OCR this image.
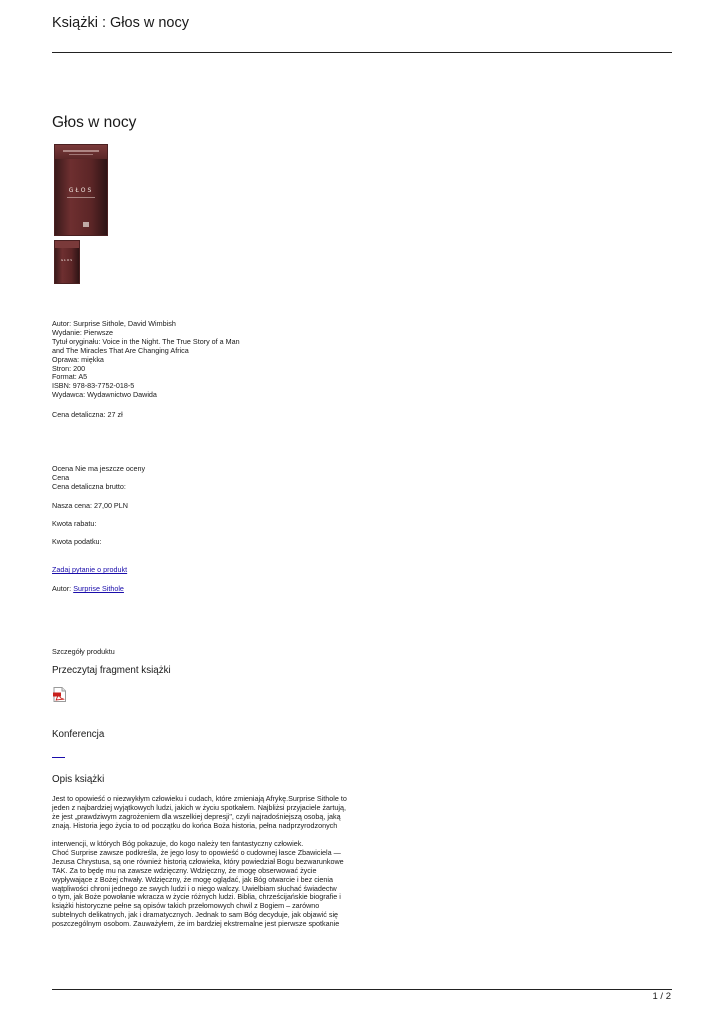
Książki : Głos w nocy
Głos w nocy
GŁOS
GŁOS
Autor: Surprise Sithole, David Wimbish
Wydanie: Pierwsze
Tytuł oryginału: Voice in the Night. The True Story of a Man
and The Miracles That Are Changing Africa
Oprawa: miękka
Stron: 200
Format: A5
ISBN: 978-83-7752-018-5
Wydawca: Wydawnictwo Dawida
Cena detaliczna: 27 zł
Ocena Nie ma jeszcze oceny
Cena
Cena detaliczna brutto:
Nasza cena: 27,00 PLN
Kwota rabatu:
Kwota podatku:
Zadaj pytanie o produkt
Autor: Surprise Sithole
Szczegóły produktu
Przeczytaj fragment książki
Konferencja
Opis książki
Jest to opowieść o niezwykłym człowieku i cudach, które zmieniają Afrykę.Surprise Sithole to
jeden z najbardziej wyjątkowych ludzi, jakich w życiu spotkałem. Najbliżsi przyjaciele żartują,
że jest „prawdziwym zagrożeniem dla wszelkiej depresji", czyli najradośniejszą osobą, jaką
znają. Historia jego życia to od początku do końca Boża historia, pełna nadprzyrodzonych
interwencji, w których Bóg pokazuje, do kogo należy ten fantastyczny człowiek.
Choć Surprise zawsze podkreśla, że jego losy to opowieść o cudownej łasce Zbawiciela —
Jezusa Chrystusa, są one również historią człowieka, który powiedział Bogu bezwarunkowe
TAK. Za to będę mu na zawsze wdzięczny. Wdzięczny, że mogę obserwować życie
wypływające z Bożej chwały. Wdzięczny, że mogę oglądać, jak Bóg otwarcie i bez cienia
wątpliwości chroni jednego ze swych ludzi i o niego walczy. Uwielbiam słuchać świadectw
o tym, jak Boże powołanie wkracza w życie różnych ludzi. Biblia, chrześcijańskie biografie i
książki historyczne pełne są opisów takich przełomowych chwil z Bogiem – zarówno
subtelnych delikatnych, jak i dramatycznych. Jednak to sam Bóg decyduje, jak objawić się
poszczególnym osobom. Zauważyłem, że im bardziej ekstremalne jest pierwsze spotkanie
1 / 2
